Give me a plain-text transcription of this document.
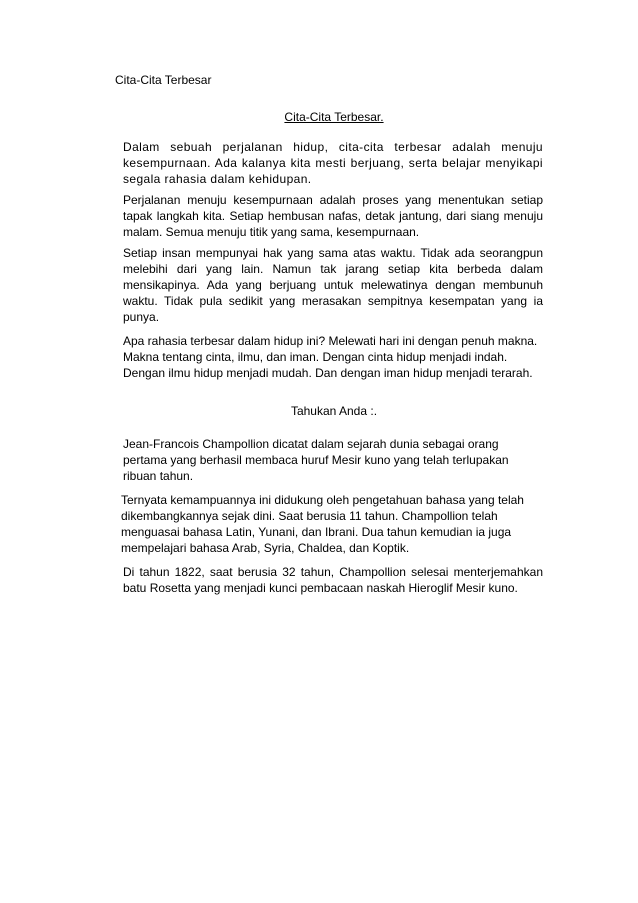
Cita-Cita Terbesar
Cita-Cita Terbesar.
Dalam sebuah perjalanan hidup, cita-cita terbesar adalah menuju kesempurnaan. Ada kalanya kita mesti berjuang, serta belajar menyikapi segala rahasia dalam kehidupan.
Perjalanan menuju kesempurnaan adalah proses yang menentukan setiap tapak langkah kita. Setiap hembusan nafas, detak jantung, dari siang menuju malam. Semua menuju titik yang sama, kesempurnaan.
Setiap insan mempunyai hak yang sama atas waktu. Tidak ada seorangpun melebihi dari yang lain. Namun tak jarang setiap kita berbeda dalam mensikapinya. Ada yang berjuang untuk melewatinya dengan membunuh waktu. Tidak pula sedikit yang merasakan sempitnya kesempatan yang ia punya.
Apa rahasia terbesar dalam hidup ini? Melewati hari ini dengan penuh makna. Makna tentang cinta, ilmu, dan iman. Dengan cinta hidup menjadi indah. Dengan ilmu hidup menjadi mudah. Dan dengan iman hidup menjadi terarah.
Tahukan Anda :.
Jean-Francois Champollion dicatat dalam sejarah dunia sebagai orang pertama yang berhasil membaca huruf Mesir kuno yang telah terlupakan ribuan tahun.
Ternyata kemampuannya ini didukung oleh pengetahuan bahasa yang telah dikembangkannya sejak dini. Saat berusia 11 tahun. Champollion telah menguasai bahasa Latin, Yunani, dan Ibrani. Dua tahun kemudian ia juga mempelajari bahasa Arab, Syria, Chaldea, dan Koptik.
Di tahun 1822, saat berusia 32 tahun, Champollion selesai menterjemahkan batu Rosetta yang menjadi kunci pembacaan naskah Hieroglif Mesir kuno.
